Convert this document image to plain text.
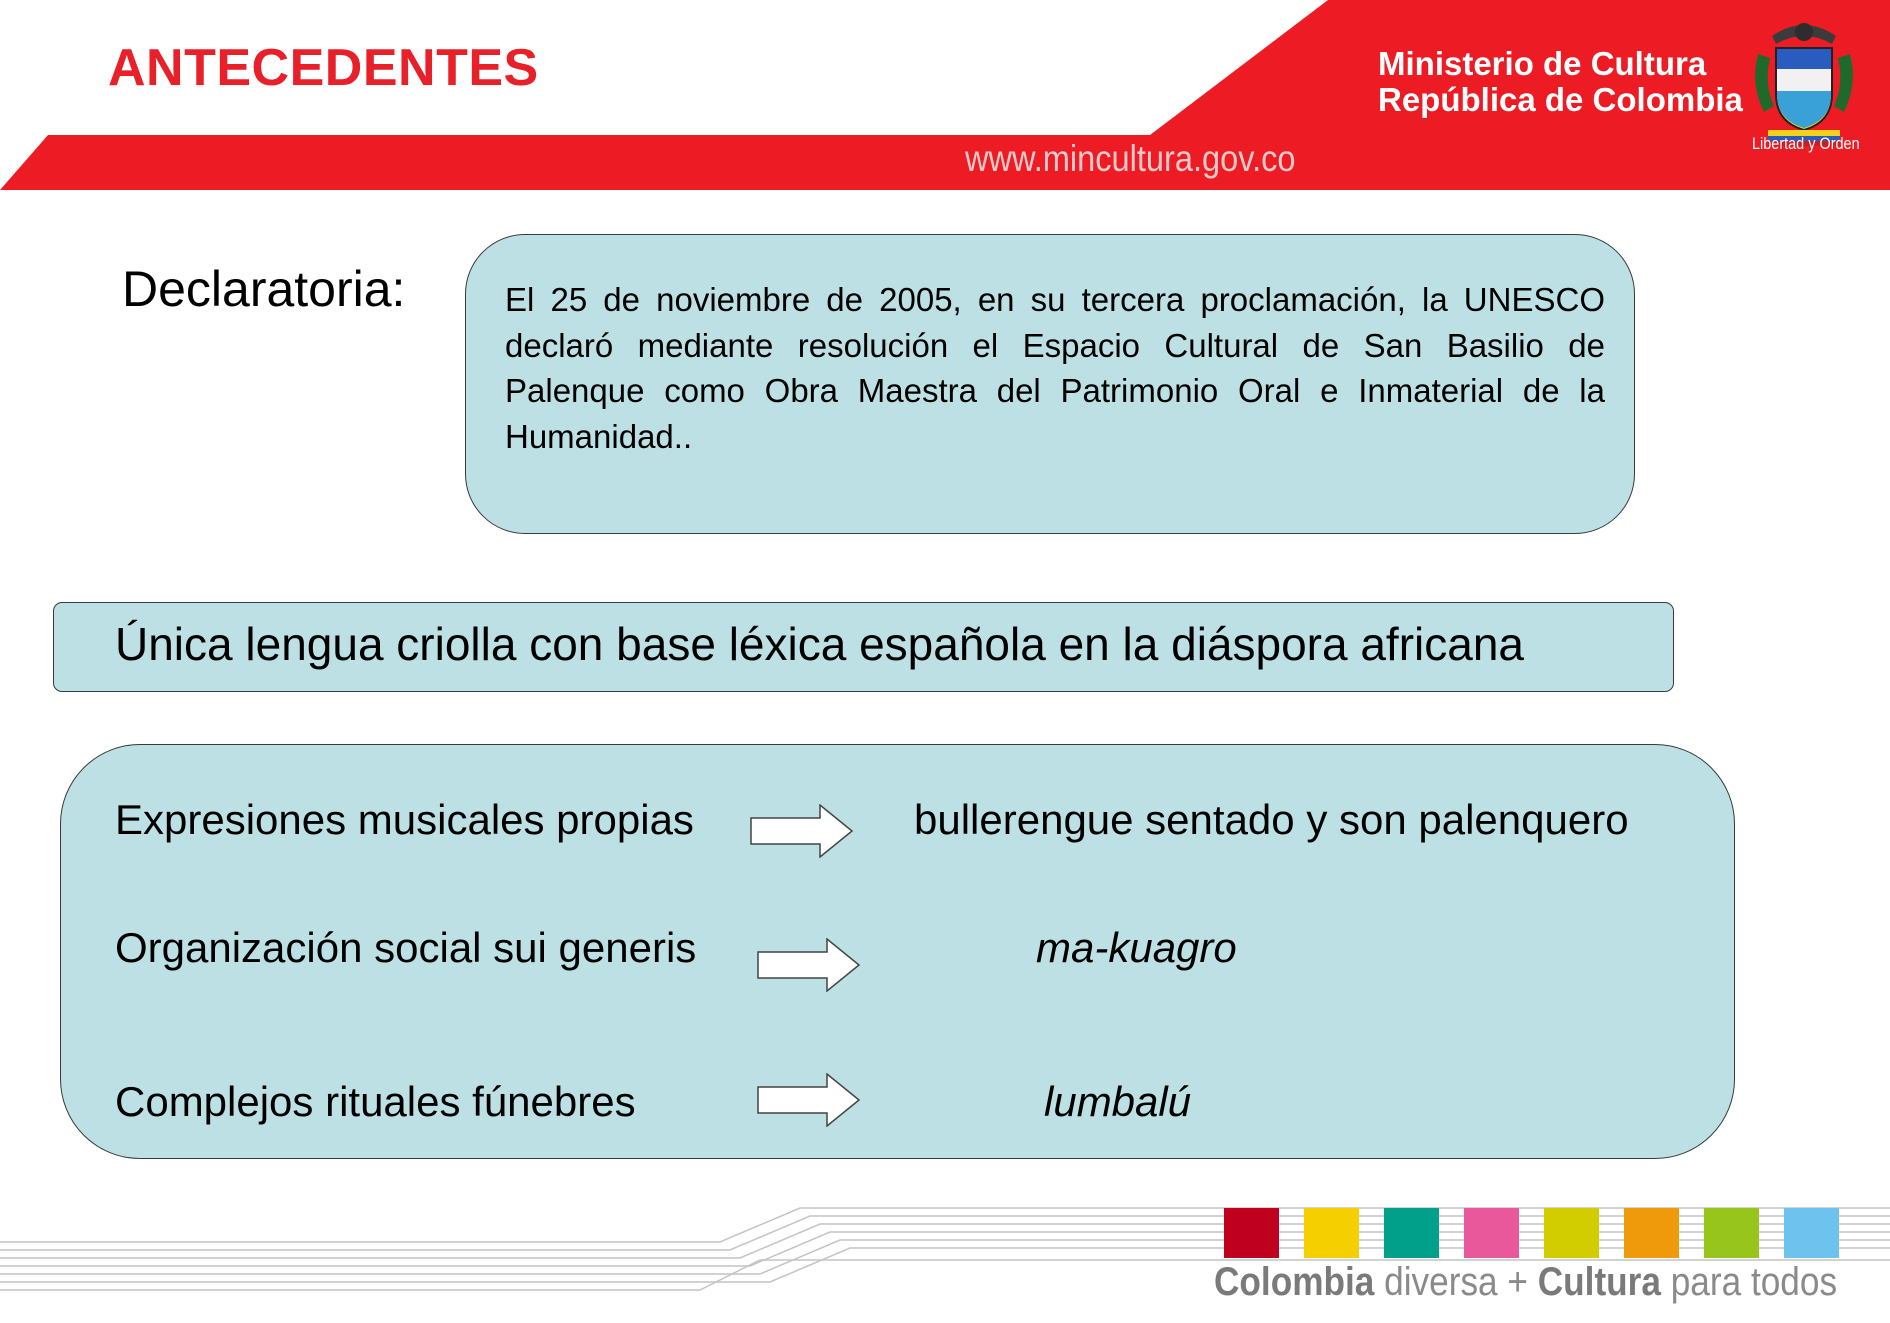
ANTECEDENTES	Ministerio de Cultura
República de Colombia
www.mincultura.gov.co	Libertad y Orden
Declaratoria:	El 25 de noviembre de 2005, en su tercera proclamación, la UNESCO declaró mediante resolución el Espacio Cultural de San Basilio de Palenque como Obra Maestra del Patrimonio Oral e Inmaterial de la Humanidad..
Única lengua criolla con base léxica española en la diáspora africana
Expresiones musicales propias	bullerengue sentado y son palenquero
Organización social sui generis	ma-kuagro
Complejos rituales fúnebres	lumbalú
Colombia diversa + Cultura para todos
